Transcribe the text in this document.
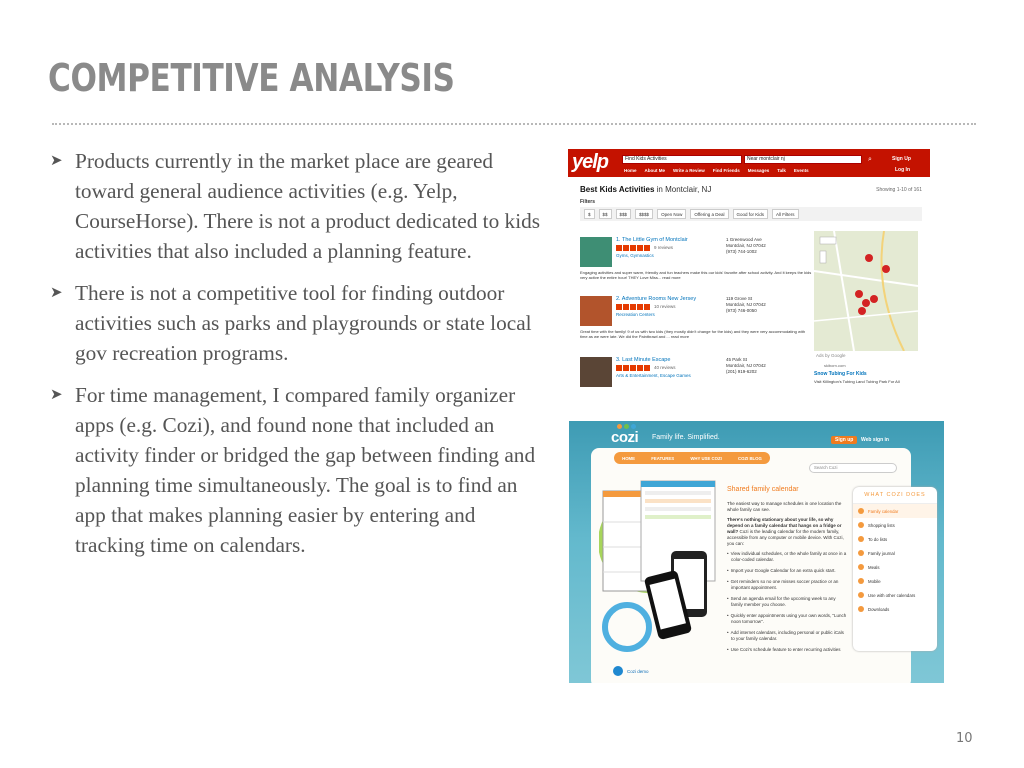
COMPETITIVE ANALYSIS
➤ Products currently in the market place are geared toward general audience activities (e.g. Yelp, CourseHorse). There is not a product dedicated to kids activities that also included a planning feature.
➤ There is not a competitive tool for finding outdoor activities such as parks and playgrounds or state local gov recreation programs.
➤ For time management, I compared family organizer apps (e.g. Cozi), and found none that included an activity finder or bridged the gap between finding and planning time simultaneously. The goal is to find an app that makes planning easier by entering and tracking time on calendars.
yelp	Find Kids Activities	Near montclair nj	⌕	Sign Up
Log In
Home About Me Write a Review Find Friends Messages Talk Events
Best Kids Activities in Montclair, NJ	Showing 1-10 of 161
Filters
$	$$	$$$	$$$$	Open Now	Offering a Deal	Good for Kids	All Filters
1. The Little Gym of Montclair
9 reviews
Gyms, Gymnastics
1 Greenwood Ave
Montclair, NJ 07042
(973) 744-1002
Engaging activities and super warm, friendly and fun teachers make this our kids' favorite after school activity. And it keeps the kids very active the entire hour! THEY Love Miss... read more
2. Adventure Rooms New Jersey
10 reviews
Recreation Centers
119 Grove St
Montclair, NJ 07042
(973) 746-0050
Great time with the family! 9 of us with two kids (they mostly didn't change for the kids) and they were very accommodating with time as we were late. We did the Paintbrawl and ... read more
3. Last Minute Escape
40 reviews
Arts & Entertainment, Escape Games
45 Park St
Montclair, NJ 07042
(201) 919-6202
Ads by Google
skiborn.com
Snow Tubing For Kids
Visit Killington's Tubing Land Tubing Park For All
cozi Family life. Simplified.	Sign up	Web sign in
HOME	FEATURES	WHY USE COZI	COZI BLOG
Search Cozi
Shared family calendar

The easiest way to manage schedules in one location the whole family can see.

There's nothing stationary about your life, so why depend on a family calendar that hangs on a fridge or wall? Cozi is the leading calendar for the modern family, accessible from any computer or mobile device. With Cozi, you can:

• View individual schedules, or the whole family at once in a color-coded calendar.
• Import your Google Calendar for an extra quick start.
• Get reminders so no one misses soccer practice or an important appointment.
• Send an agenda email for the upcoming week to any family member you choose.
• Quickly enter appointments using your own words, "Lunch noon tomorrow".
• Add internet calendars, including personal or public iCals to your family calendar.
• Use Cozi's schedule feature to enter recurring activities
WHAT COZI DOES
Family calendar
Shopping lists
To do lists
Family journal
Meals
Mobile
Use with other calendars
Downloads
Cozi demo
10
